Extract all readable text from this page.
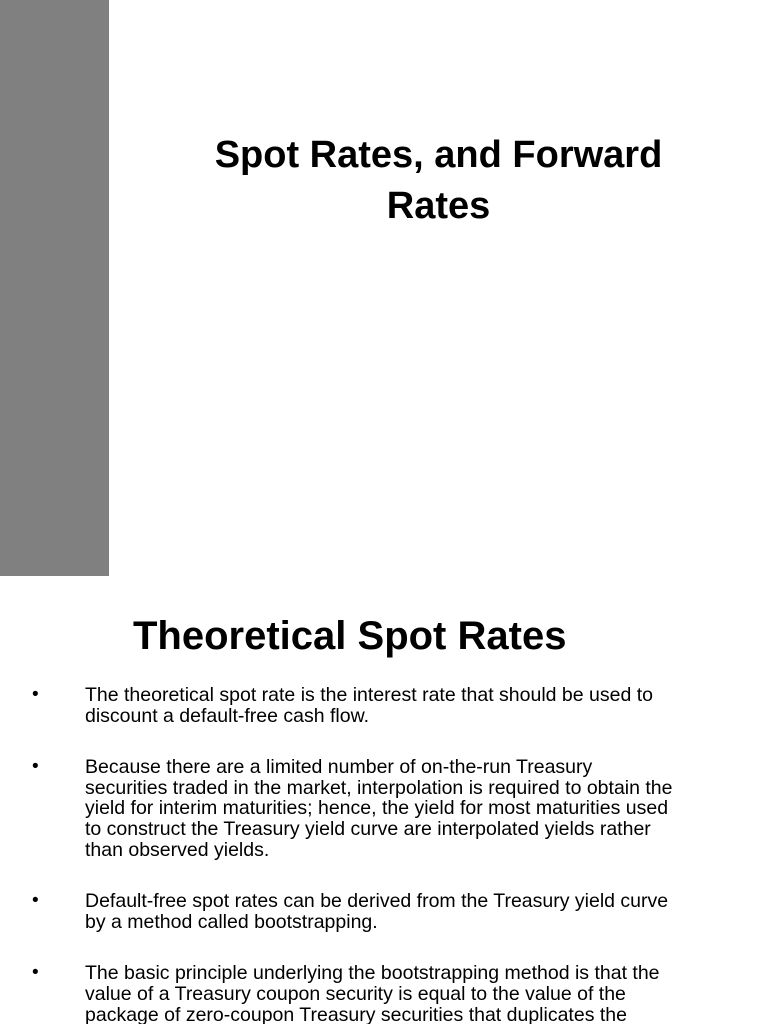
Spot Rates, and Forward
Rates
Theoretical Spot Rates
• The theoretical spot rate is the interest rate that should be used to
discount a default-free cash flow.
• Because there are a limited number of on-the-run Treasury
securities traded in the market, interpolation is required to obtain the
yield for interim maturities; hence, the yield for most maturities used
to construct the Treasury yield curve are interpolated yields rather
than observed yields.
• Default-free spot rates can be derived from the Treasury yield curve
by a method called bootstrapping.
• The basic principle underlying the bootstrapping method is that the
value of a Treasury coupon security is equal to the value of the
package of zero-coupon Treasury securities that duplicates the
